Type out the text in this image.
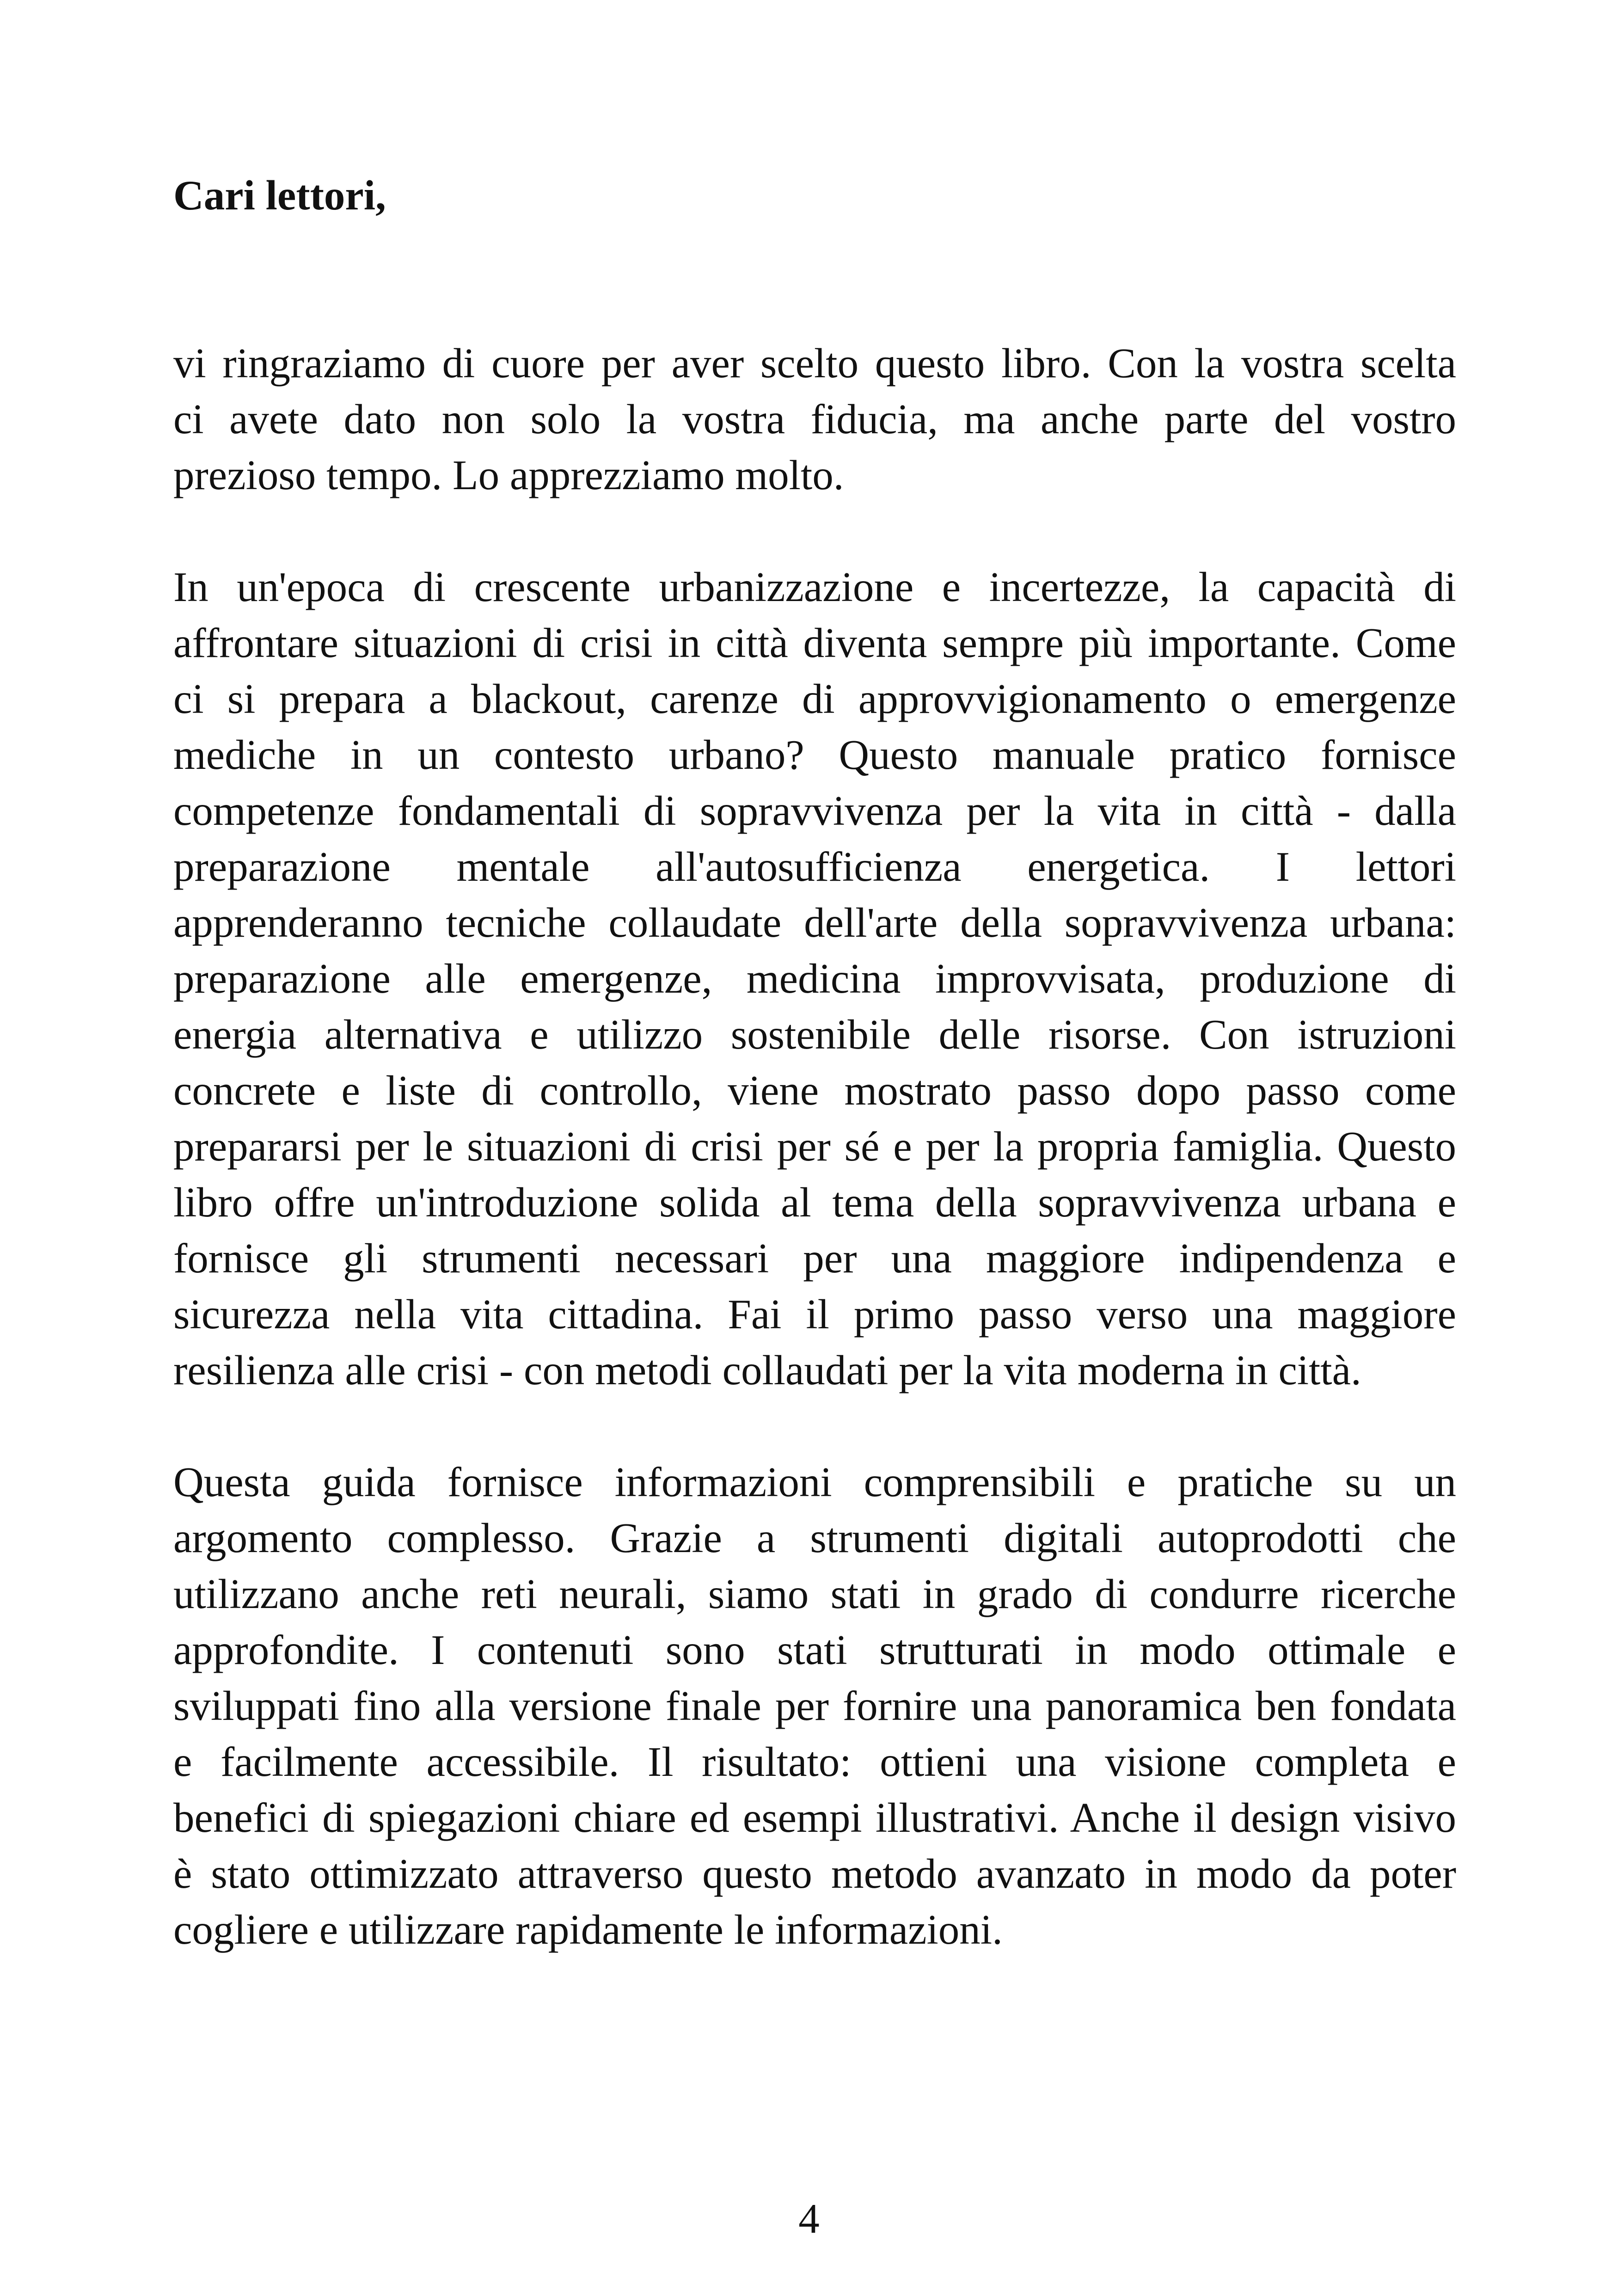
Cari lettori,
vi ringraziamo di cuore per aver scelto questo libro. Con la vostra scelta
ci avete dato non solo la vostra fiducia, ma anche parte del vostro
prezioso tempo. Lo apprezziamo molto.
In un'epoca di crescente urbanizzazione e incertezze, la capacità di
affrontare situazioni di crisi in città diventa sempre più importante. Come
ci si prepara a blackout, carenze di approvvigionamento o emergenze
mediche in un contesto urbano? Questo manuale pratico fornisce
competenze fondamentali di sopravvivenza per la vita in città - dalla
preparazione mentale all'autosufficienza energetica. I lettori
apprenderanno tecniche collaudate dell'arte della sopravvivenza urbana:
preparazione alle emergenze, medicina improvvisata, produzione di
energia alternativa e utilizzo sostenibile delle risorse. Con istruzioni
concrete e liste di controllo, viene mostrato passo dopo passo come
prepararsi per le situazioni di crisi per sé e per la propria famiglia. Questo
libro offre un'introduzione solida al tema della sopravvivenza urbana e
fornisce gli strumenti necessari per una maggiore indipendenza e
sicurezza nella vita cittadina. Fai il primo passo verso una maggiore
resilienza alle crisi - con metodi collaudati per la vita moderna in città.
Questa guida fornisce informazioni comprensibili e pratiche su un
argomento complesso. Grazie a strumenti digitali autoprodotti che
utilizzano anche reti neurali, siamo stati in grado di condurre ricerche
approfondite. I contenuti sono stati strutturati in modo ottimale e
sviluppati fino alla versione finale per fornire una panoramica ben fondata
e facilmente accessibile. Il risultato: ottieni una visione completa e
benefici di spiegazioni chiare ed esempi illustrativi. Anche il design visivo
è stato ottimizzato attraverso questo metodo avanzato in modo da poter
cogliere e utilizzare rapidamente le informazioni.
4
